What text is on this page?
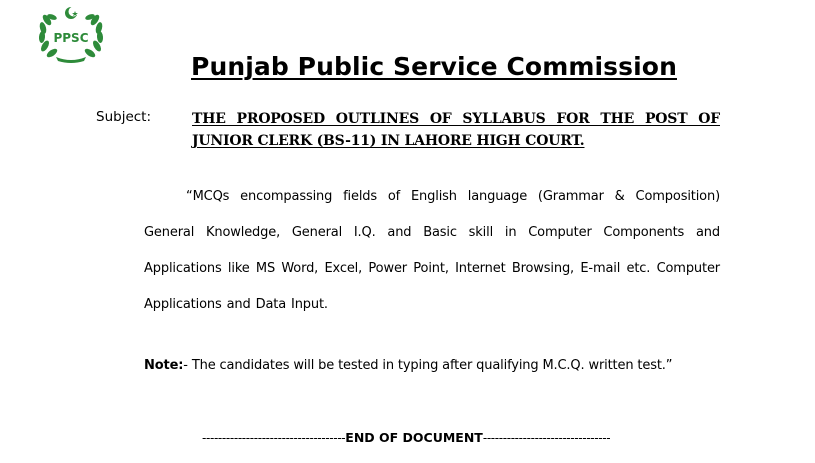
PPSC
Punjab Public Service Commission
Subject:	THE PROPOSED OUTLINES OF SYLLABUS FOR THE POST OF JUNIOR CLERK (BS-11) IN LAHORE HIGH COURT.
“MCQs encompassing fields of English language (Grammar & Composition) General Knowledge, General I.Q. and Basic skill in Computer Components and Applications like MS Word, Excel, Power Point, Internet Browsing, E-mail etc. Computer Applications and Data Input.
Note:- The candidates will be tested in typing after qualifying M.C.Q. written test.”
------------------------------------END OF DOCUMENT--------------------------------
